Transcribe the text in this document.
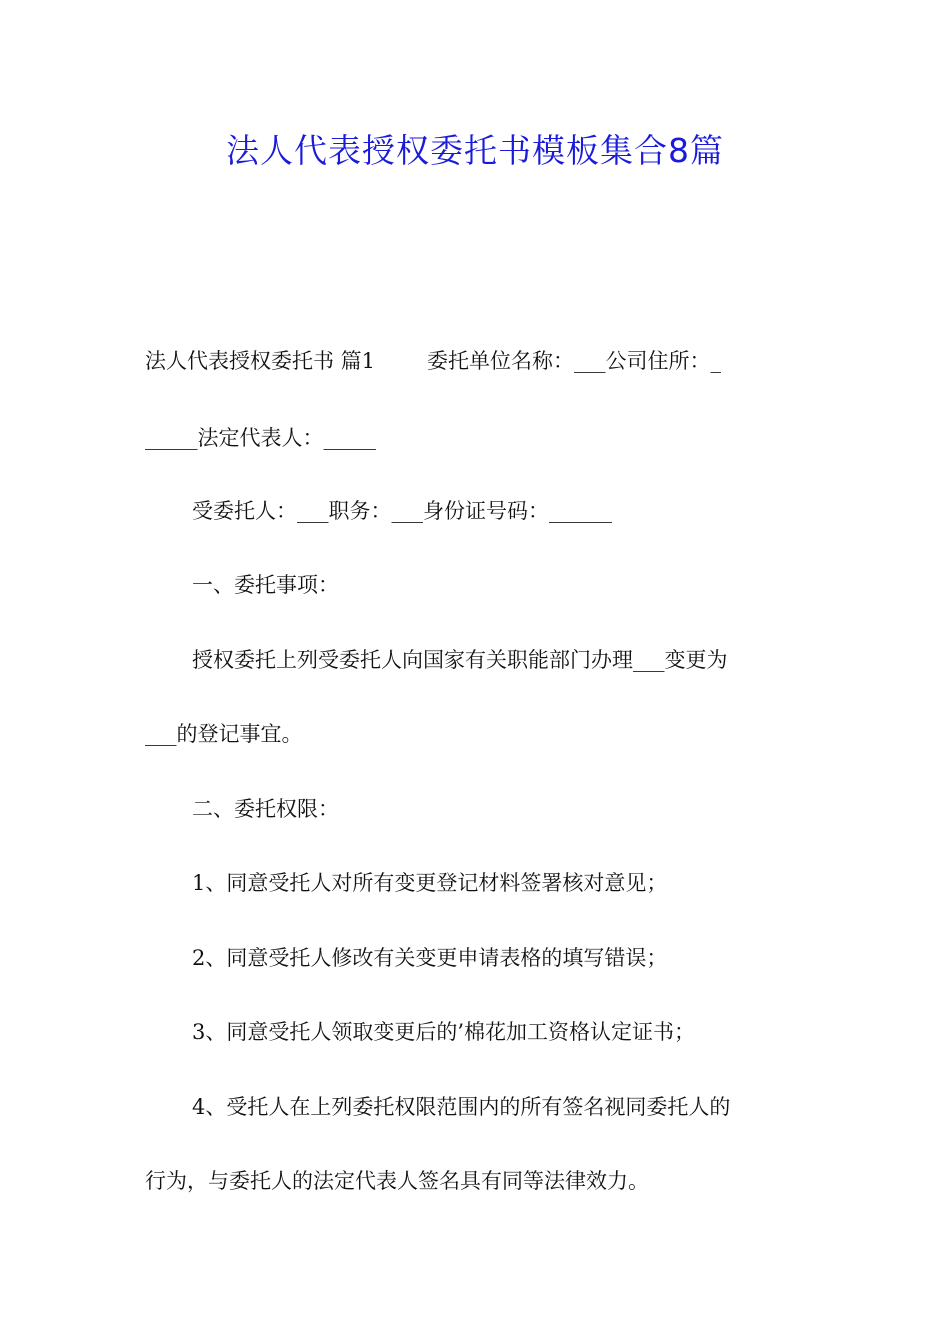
法人代表授权委托书模板集合8篇
法人代表授权委托书 篇1 委托单位名称：___公司住所：_
_____法定代表人：_____
受委托人：___职务：___身份证号码：______
一、委托事项：
授权委托上列受委托人向国家有关职能部门办理___变更为
___的登记事宜。
二、委托权限：
1、同意受托人对所有变更登记材料签署核对意见；
2、同意受托人修改有关变更申请表格的填写错误；
3、同意受托人领取变更后的’棉花加工资格认定证书；
4、受托人在上列委托权限范围内的所有签名视同委托人的
行为，与委托人的法定代表人签名具有同等法律效力。
